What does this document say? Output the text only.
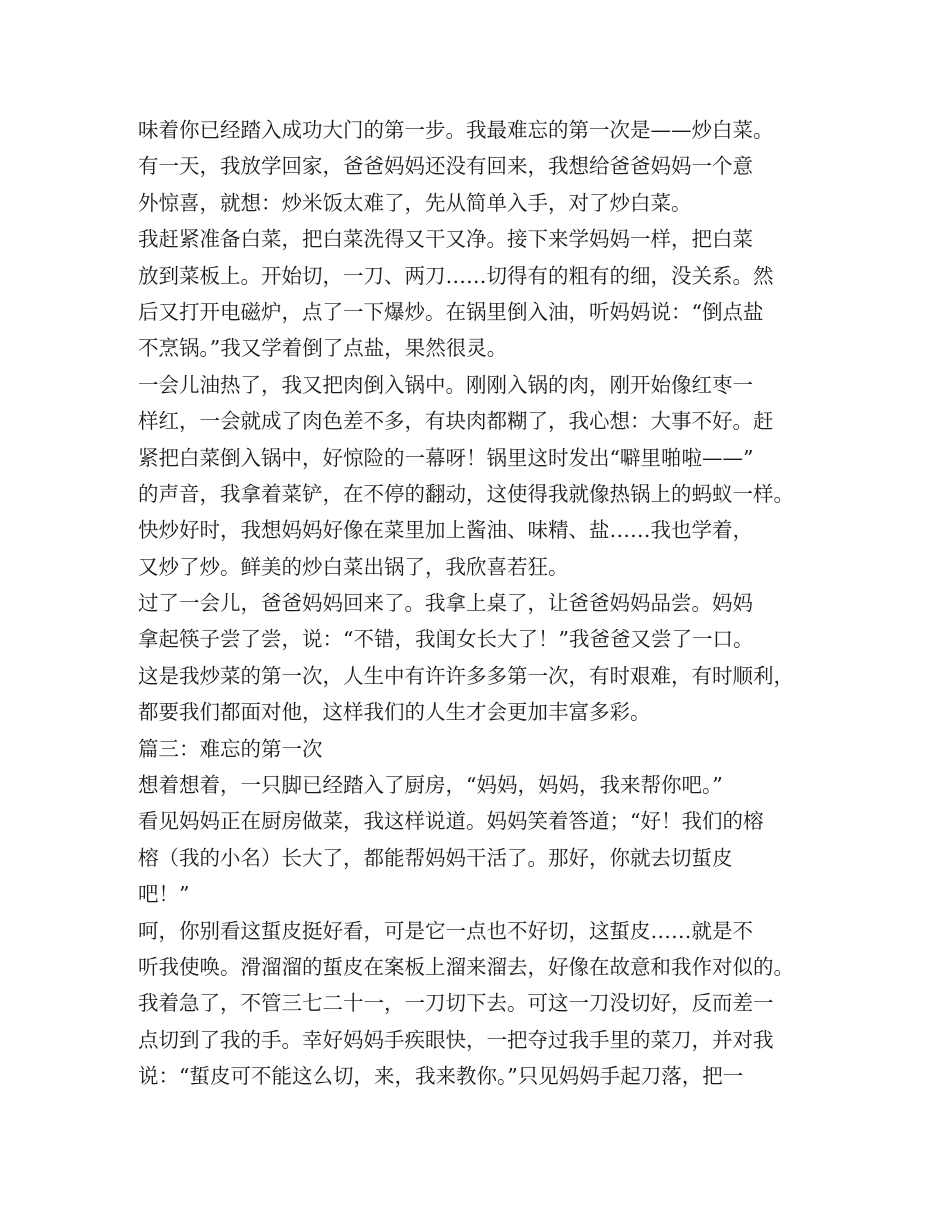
味着你已经踏入成功大门的第一步。我最难忘的第一次是——炒白菜。
有一天，我放学回家，爸爸妈妈还没有回来，我想给爸爸妈妈一个意
外惊喜，就想：炒米饭太难了，先从简单入手，对了炒白菜。
我赶紧准备白菜，把白菜洗得又干又净。接下来学妈妈一样，把白菜
放到菜板上。开始切，一刀、两刀……切得有的粗有的细，没关系。然
后又打开电磁炉，点了一下爆炒。在锅里倒入油，听妈妈说：“倒点盐
不烹锅。”我又学着倒了点盐，果然很灵。
一会儿油热了，我又把肉倒入锅中。刚刚入锅的肉，刚开始像红枣一
样红，一会就成了肉色差不多，有块肉都糊了，我心想：大事不好。赶
紧把白菜倒入锅中，好惊险的一幕呀！锅里这时发出“噼里啪啦——”
的声音，我拿着菜铲，在不停的翻动，这使得我就像热锅上的蚂蚁一样。
快炒好时，我想妈妈好像在菜里加上酱油、味精、盐……我也学着，
又炒了炒。鲜美的炒白菜出锅了，我欣喜若狂。
过了一会儿，爸爸妈妈回来了。我拿上桌了，让爸爸妈妈品尝。妈妈
拿起筷子尝了尝，说：“不错，我闺女长大了！”我爸爸又尝了一口。
这是我炒菜的第一次，人生中有许许多多第一次，有时艰难，有时顺利，
都要我们都面对他，这样我们的人生才会更加丰富多彩。
篇三：难忘的第一次
想着想着，一只脚已经踏入了厨房，“妈妈，妈妈，我来帮你吧。”
看见妈妈正在厨房做菜，我这样说道。妈妈笑着答道；“好！我们的榕
榕（我的小名）长大了，都能帮妈妈干活了。那好，你就去切蜇皮
吧！”
呵，你别看这蜇皮挺好看，可是它一点也不好切，这蜇皮……就是不
听我使唤。滑溜溜的蜇皮在案板上溜来溜去，好像在故意和我作对似的。
我着急了，不管三七二十一，一刀切下去。可这一刀没切好，反而差一
点切到了我的手。幸好妈妈手疾眼快，一把夺过我手里的菜刀，并对我
说：“蜇皮可不能这么切，来，我来教你。”只见妈妈手起刀落，把一
